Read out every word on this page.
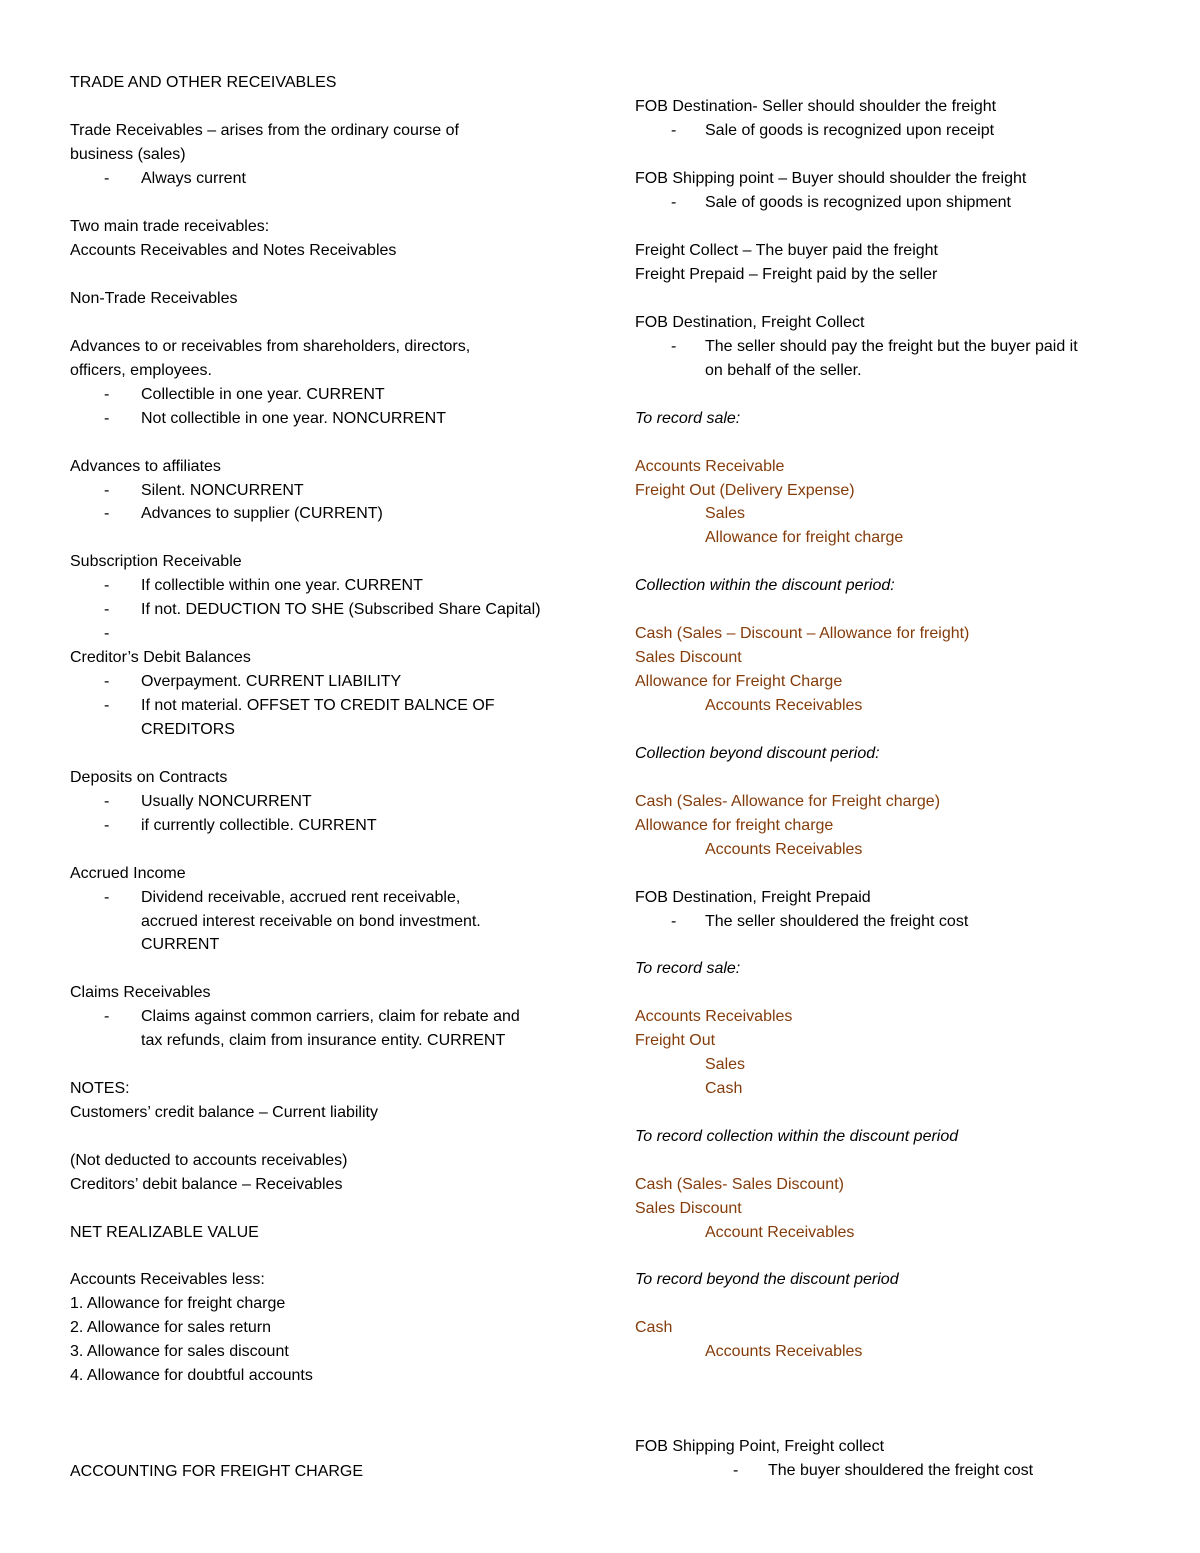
TRADE AND OTHER RECEIVABLES
Trade Receivables – arises from the ordinary course of
business (sales)
- Always current
Two main trade receivables:
Accounts Receivables and Notes Receivables
Non-Trade Receivables
Advances to or receivables from shareholders, directors,
officers, employees.
- Collectible in one year. CURRENT
- Not collectible in one year. NONCURRENT
Advances to affiliates
- Silent. NONCURRENT
- Advances to supplier (CURRENT)
Subscription Receivable
- If collectible within one year. CURRENT
- If not. DEDUCTION TO SHE (Subscribed Share Capital)
-
Creditor’s Debit Balances
- Overpayment. CURRENT LIABILITY
- If not material. OFFSET TO CREDIT BALNCE OF
CREDITORS
Deposits on Contracts
- Usually NONCURRENT
- if currently collectible. CURRENT
Accrued Income
- Dividend receivable, accrued rent receivable,
accrued interest receivable on bond investment.
CURRENT
Claims Receivables
- Claims against common carriers, claim for rebate and
tax refunds, claim from insurance entity. CURRENT
NOTES:
Customers’ credit balance – Current liability
(Not deducted to accounts receivables)
Creditors’ debit balance – Receivables
NET REALIZABLE VALUE
Accounts Receivables less:
1. Allowance for freight charge
2. Allowance for sales return
3. Allowance for sales discount
4. Allowance for doubtful accounts
ACCOUNTING FOR FREIGHT CHARGE
FOB Destination- Seller should shoulder the freight
- Sale of goods is recognized upon receipt
FOB Shipping point – Buyer should shoulder the freight
- Sale of goods is recognized upon shipment
Freight Collect – The buyer paid the freight
Freight Prepaid – Freight paid by the seller
FOB Destination, Freight Collect
- The seller should pay the freight but the buyer paid it
on behalf of the seller.
To record sale:
Accounts Receivable
Freight Out (Delivery Expense)
Sales
Allowance for freight charge
Collection within the discount period:
Cash (Sales – Discount – Allowance for freight)
Sales Discount
Allowance for Freight Charge
Accounts Receivables
Collection beyond discount period:
Cash (Sales- Allowance for Freight charge)
Allowance for freight charge
Accounts Receivables
FOB Destination, Freight Prepaid
- The seller shouldered the freight cost
To record sale:
Accounts Receivables
Freight Out
Sales
Cash
To record collection within the discount period
Cash (Sales- Sales Discount)
Sales Discount
Account Receivables
To record beyond the discount period
Cash
Accounts Receivables
FOB Shipping Point, Freight collect
- The buyer shouldered the freight cost
